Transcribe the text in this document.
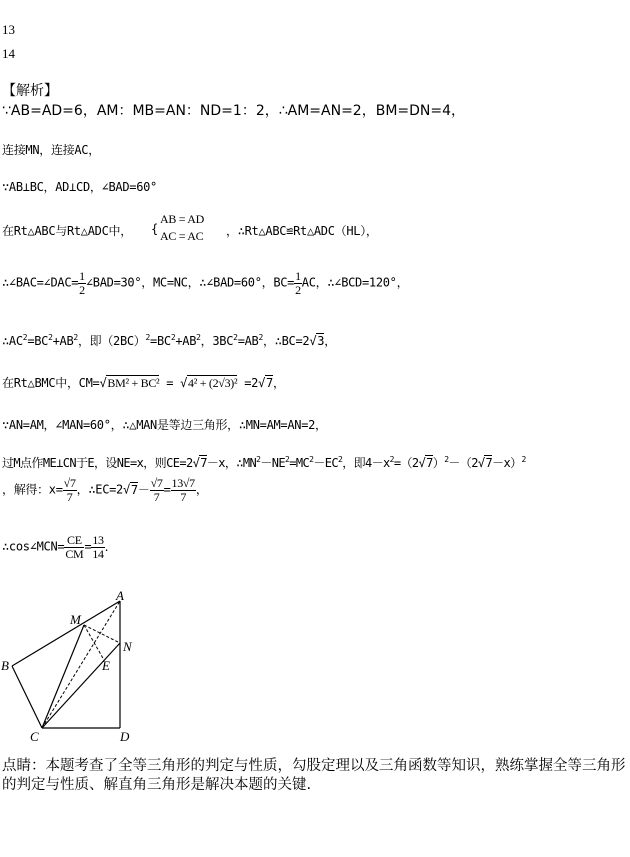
13
14
【解析】
∵AB=AD=6，AM：MB=AN：ND=1：2，∴AM=AN=2，BM=DN=4，
连接MN，连接AC，
∵AB⊥BC，AD⊥CD，∠BAD=60°
在Rt△ABC与Rt△ADC中， {
AB = AD
AC = AC ，∴Rt△ABC≌Rt△ADC（HL），
∴∠BAC=∠DAC= $\frac{1}{2}$ ∠BAD=30°，MC=NC，∴∠BAD=60°，$BC= \frac{1}{2}$ AC，∴∠BCD=120°，
$\therefore AC^2=BC^2+AB^2$，即$(2BC)^2=BC^2+AB^2$，$3BC^2=AB^2$，∴BC=2√3，
在Rt△BMC中，CM=√BM² + BC² = √4² + (2√3)² =2√7，
∵AN=AM，∠MAN=60°，∴△MAN是等边三角形，∴MN=AM=AN=2，
过M点作ME⊥CN于E，设NE=x，则CE=2√7－x，$\therefore MN^2-NE^2=MC^2-EC^2$，即$4-x^2=(2√7)^2-(2√7-x)^2$
，解得：$x= \frac{√7}{7}$ ，∴EC=2√7－ $\frac{√7}{7} = \frac{13√7}{7}$ ，
∴cos∠MCN= $\frac{CE}{CM} = \frac{13}{14}$ ．
A
M
N
E
B
C	D
点睛：本题考查了全等三角形的判定与性质，勾股定理以及三角函数等知识，熟练掌握全等三角形的判定与性质、解直角三角形是解决本题的关键.
